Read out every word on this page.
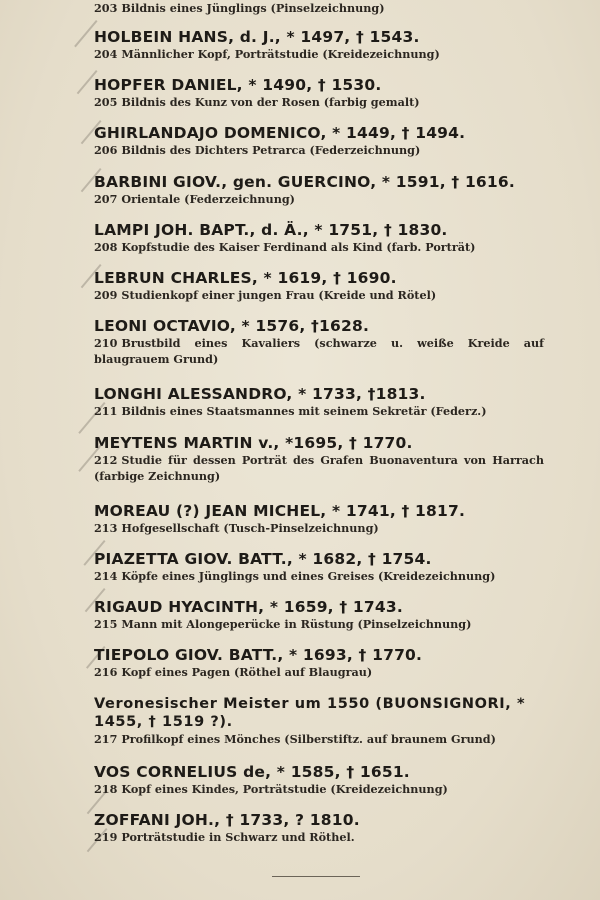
203 Bildnis eines Jünglings (Pinselzeichnung)
HOLBEIN HANS, d. J., * 1497, † 1543.
204 Männlicher Kopf, Porträtstudie (Kreidezeichnung)
HOPFER DANIEL, * 1490, † 1530.
205 Bildnis des Kunz von der Rosen (farbig gemalt)
GHIRLANDAJO DOMENICO, * 1449, † 1494.
206 Bildnis des Dichters Petrarca (Federzeichnung)
BARBINI GIOV., gen. GUERCINO, * 1591, † 1616.
207 Orientale (Federzeichnung)
LAMPI JOH. BAPT., d. Ä., * 1751, † 1830.
208 Kopfstudie des Kaiser Ferdinand als Kind (farb. Porträt)
LEBRUN CHARLES, * 1619, † 1690.
209 Studienkopf einer jungen Frau (Kreide und Rötel)
LEONI OCTAVIO, * 1576, †1628.
210 Brustbild eines Kavaliers (schwarze u. weiße Kreide auf blaugrauem Grund)
LONGHI ALESSANDRO, * 1733, †1813.
211 Bildnis eines Staatsmannes mit seinem Sekretär (Federz.)
MEYTENS MARTIN v., *1695, † 1770.
212 Studie für dessen Porträt des Grafen Buonaventura von Harrach (farbige Zeichnung)
MOREAU (?) JEAN MICHEL, * 1741, † 1817.
213 Hofgesellschaft (Tusch-Pinselzeichnung)
PIAZETTA GIOV. BATT., * 1682, † 1754.
214 Köpfe eines Jünglings und eines Greises (Kreidezeichnung)
RIGAUD HYACINTH, * 1659, † 1743.
215 Mann mit Alongeperücke in Rüstung (Pinselzeichnung)
TIEPOLO GIOV. BATT., * 1693, † 1770.
216 Kopf eines Pagen (Röthel auf Blaugrau)
Veronesischer Meister um 1550 (BUONSIGNORI, * 1455, † 1519 ?).
217 Profilkopf eines Mönches (Silberstiftz. auf braunem Grund)
VOS CORNELIUS de, * 1585, † 1651.
218 Kopf eines Kindes, Porträtstudie (Kreidezeichnung)
ZOFFANI JOH., † 1733, ? 1810.
219 Porträtstudie in Schwarz und Röthel.
